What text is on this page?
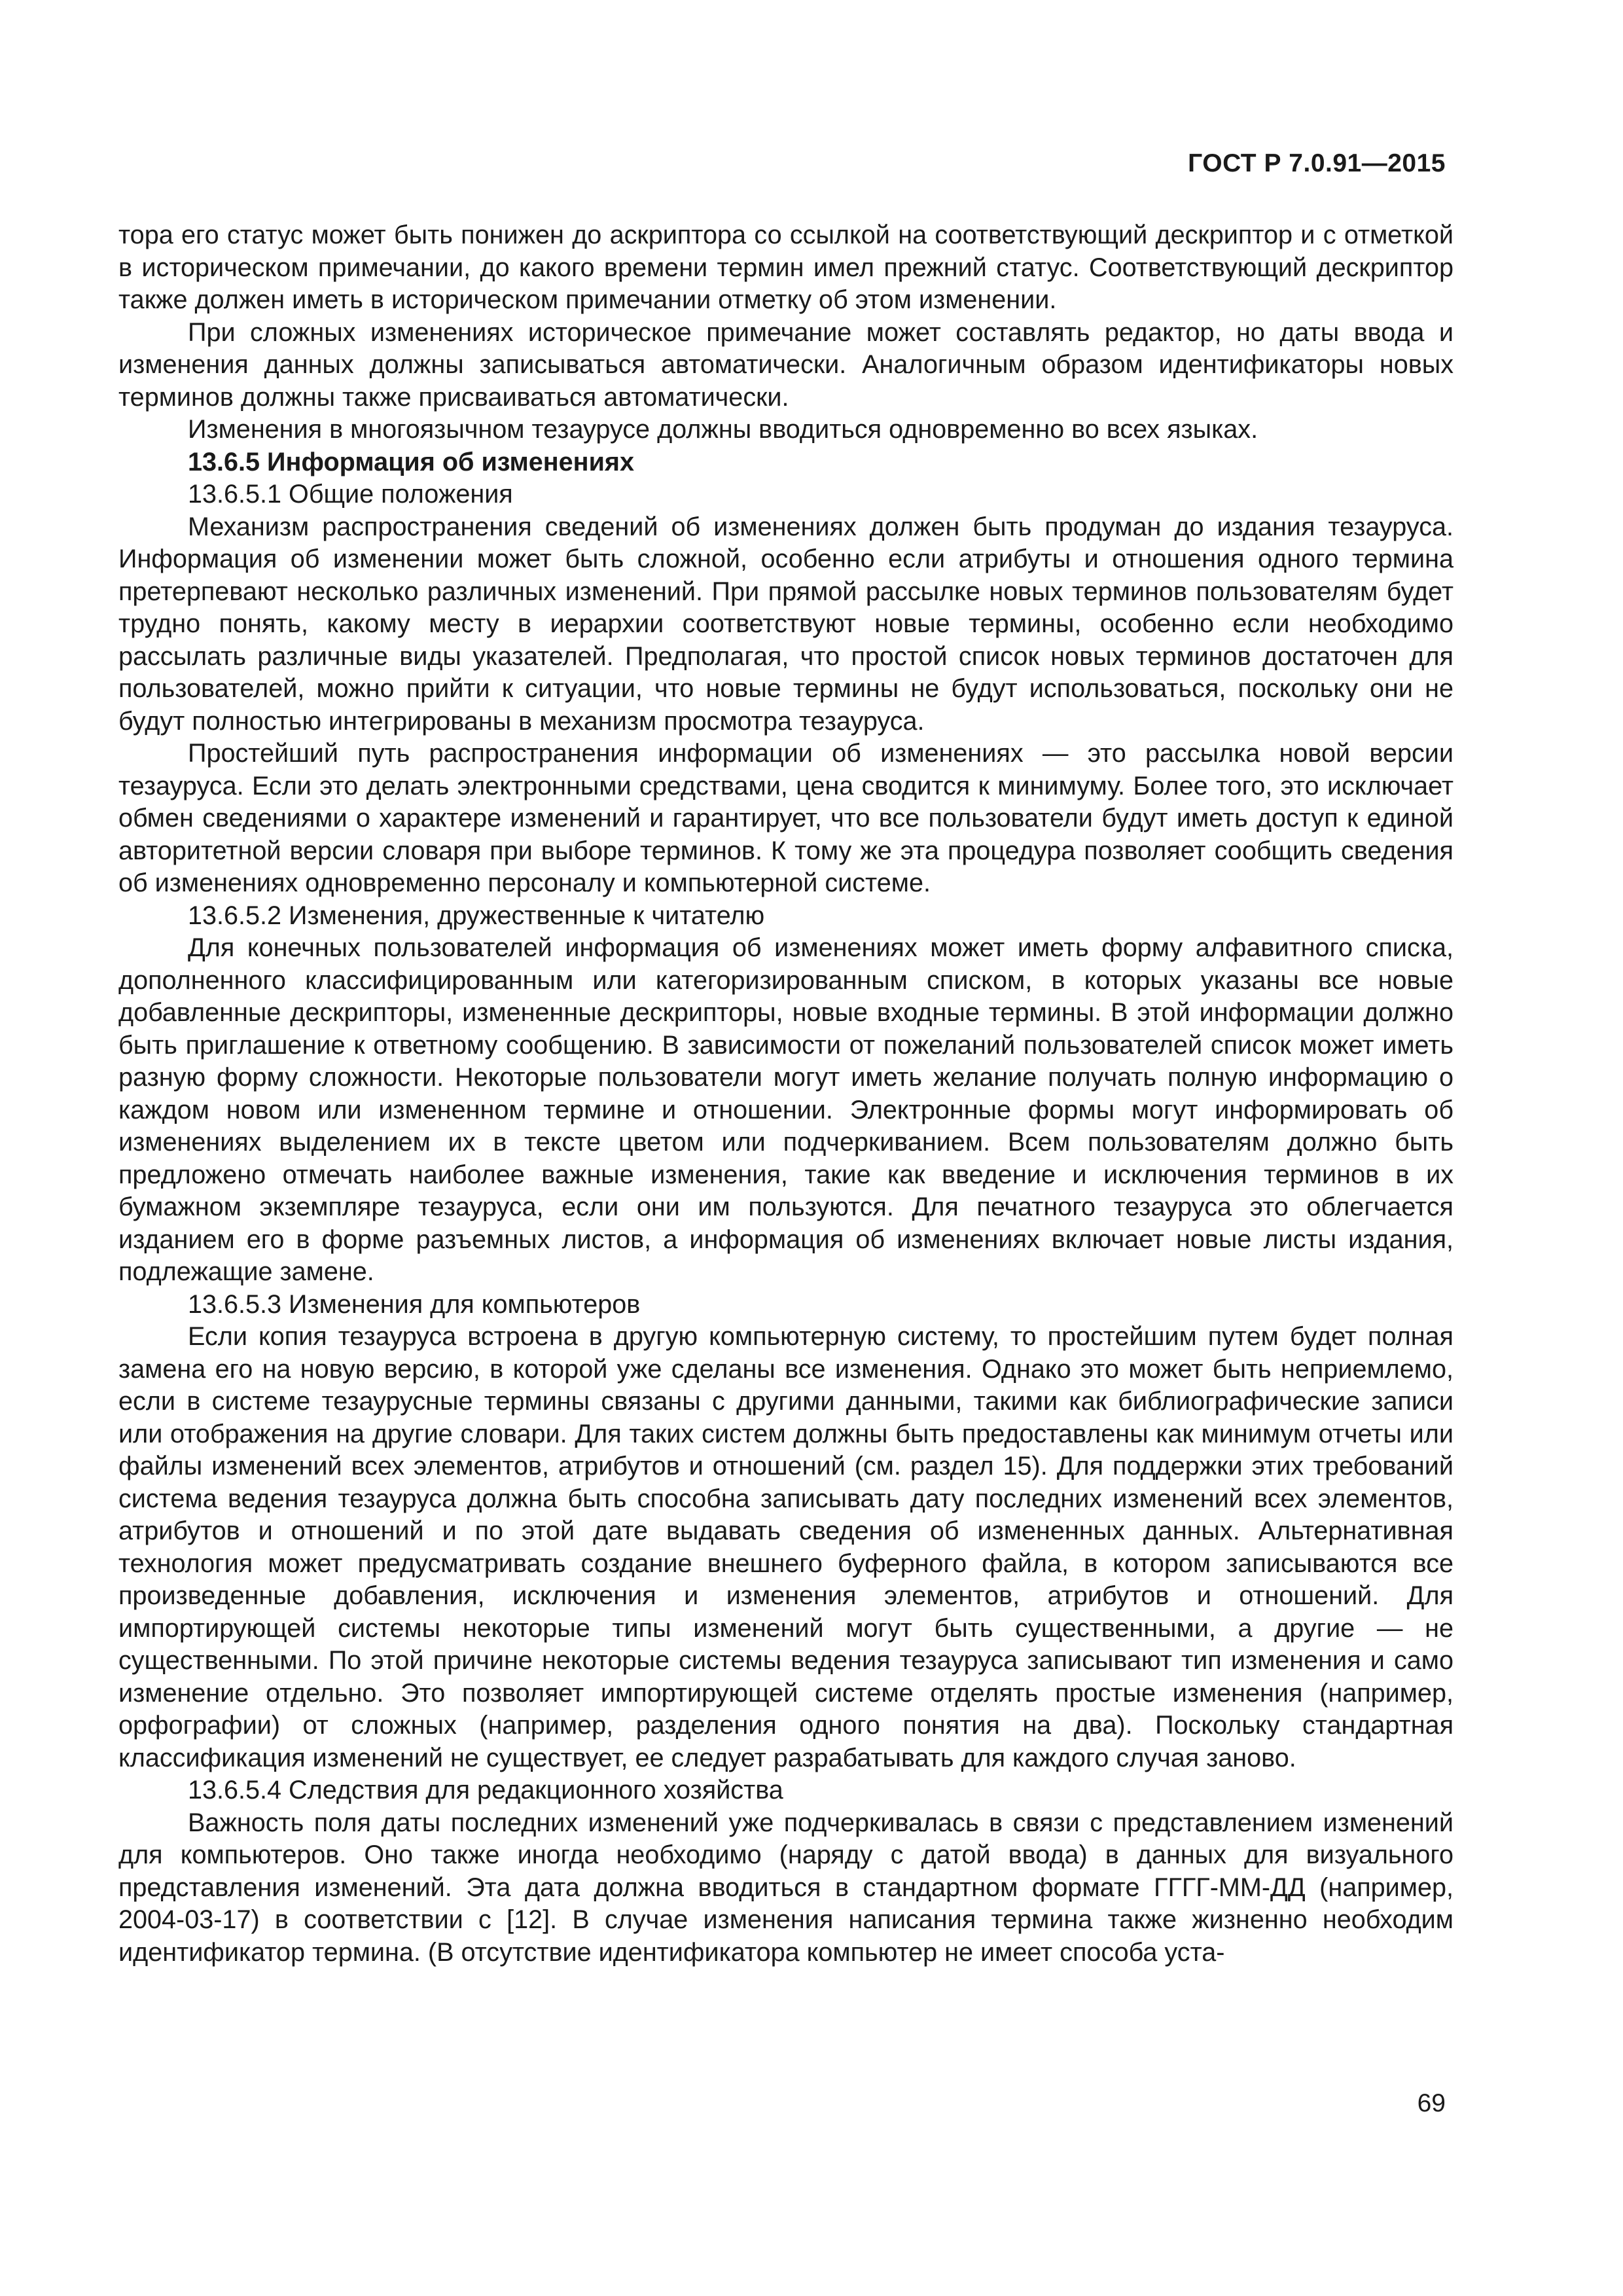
ГОСТ Р 7.0.91—2015

тора его статус может быть понижен до аскриптора со ссылкой на соответствующий дескриптор и с отметкой в историческом примечании, до какого времени термин имел прежний статус. Соответствующий дескриптор также должен иметь в историческом примечании отметку об этом изменении.

При сложных изменениях историческое примечание может составлять редактор, но даты ввода и изменения данных должны записываться автоматически. Аналогичным образом идентификаторы новых терминов должны также присваиваться автоматически.

Изменения в многоязычном тезаурусе должны вводиться одновременно во всех языках.

13.6.5 Информация об изменениях

13.6.5.1 Общие положения

Механизм распространения сведений об изменениях должен быть продуман до издания тезауруса. Информация об изменении может быть сложной, особенно если атрибуты и отношения одного термина претерпевают несколько различных изменений. При прямой рассылке новых терминов пользователям будет трудно понять, какому месту в иерархии соответствуют новые термины, особенно если необходимо рассылать различные виды указателей. Предполагая, что простой список новых терминов достаточен для пользователей, можно прийти к ситуации, что новые термины не будут использоваться, поскольку они не будут полностью интегрированы в механизм просмотра тезауруса.

Простейший путь распространения информации об изменениях — это рассылка новой версии тезауруса. Если это делать электронными средствами, цена сводится к минимуму. Более того, это исключает обмен сведениями о характере изменений и гарантирует, что все пользователи будут иметь доступ к единой авторитетной версии словаря при выборе терминов. К тому же эта процедура позволяет сообщить сведения об изменениях одновременно персоналу и компьютерной системе.

13.6.5.2 Изменения, дружественные к читателю

Для конечных пользователей информация об изменениях может иметь форму алфавитного списка, дополненного классифицированным или категоризированным списком, в которых указаны все новые добавленные дескрипторы, измененные дескрипторы, новые входные термины. В этой информации должно быть приглашение к ответному сообщению. В зависимости от пожеланий пользователей список может иметь разную форму сложности. Некоторые пользователи могут иметь желание получать полную информацию о каждом новом или измененном термине и отношении. Электронные формы могут информировать об изменениях выделением их в тексте цветом или подчеркиванием. Всем пользователям должно быть предложено отмечать наиболее важные изменения, такие как введение и исключения терминов в их бумажном экземпляре тезауруса, если они им пользуются. Для печатного тезауруса это облегчается изданием его в форме разъемных листов, а информация об изменениях включает новые листы издания, подлежащие замене.

13.6.5.3 Изменения для компьютеров

Если копия тезауруса встроена в другую компьютерную систему, то простейшим путем будет полная замена его на новую версию, в которой уже сделаны все изменения. Однако это может быть неприемлемо, если в системе тезаурусные термины связаны с другими данными, такими как библиографические записи или отображения на другие словари. Для таких систем должны быть предоставлены как минимум отчеты или файлы изменений всех элементов, атрибутов и отношений (см. раздел 15). Для поддержки этих требований система ведения тезауруса должна быть способна записывать дату последних изменений всех элементов, атрибутов и отношений и по этой дате выдавать сведения об измененных данных. Альтернативная технология может предусматривать создание внешнего буферного файла, в котором записываются все произведенные добавления, исключения и изменения элементов, атрибутов и отношений. Для импортирующей системы некоторые типы изменений могут быть существенными, а другие — не существенными. По этой причине некоторые системы ведения тезауруса записывают тип изменения и само изменение отдельно. Это позволяет импортирующей системе отделять простые изменения (например, орфографии) от сложных (например, разделения одного понятия на два). Поскольку стандартная классификация изменений не существует, ее следует разрабатывать для каждого случая заново.

13.6.5.4 Следствия для редакционного хозяйства

Важность поля даты последних изменений уже подчеркивалась в связи с представлением изменений для компьютеров. Оно также иногда необходимо (наряду с датой ввода) в данных для визуального представления изменений. Эта дата должна вводиться в стандартном формате ГГГГ-ММ-ДД (например, 2004-03-17) в соответствии с [12]. В случае изменения написания термина также жизненно необходим идентификатор термина. (В отсутствие идентификатора компьютер не имеет способа уста-

69
